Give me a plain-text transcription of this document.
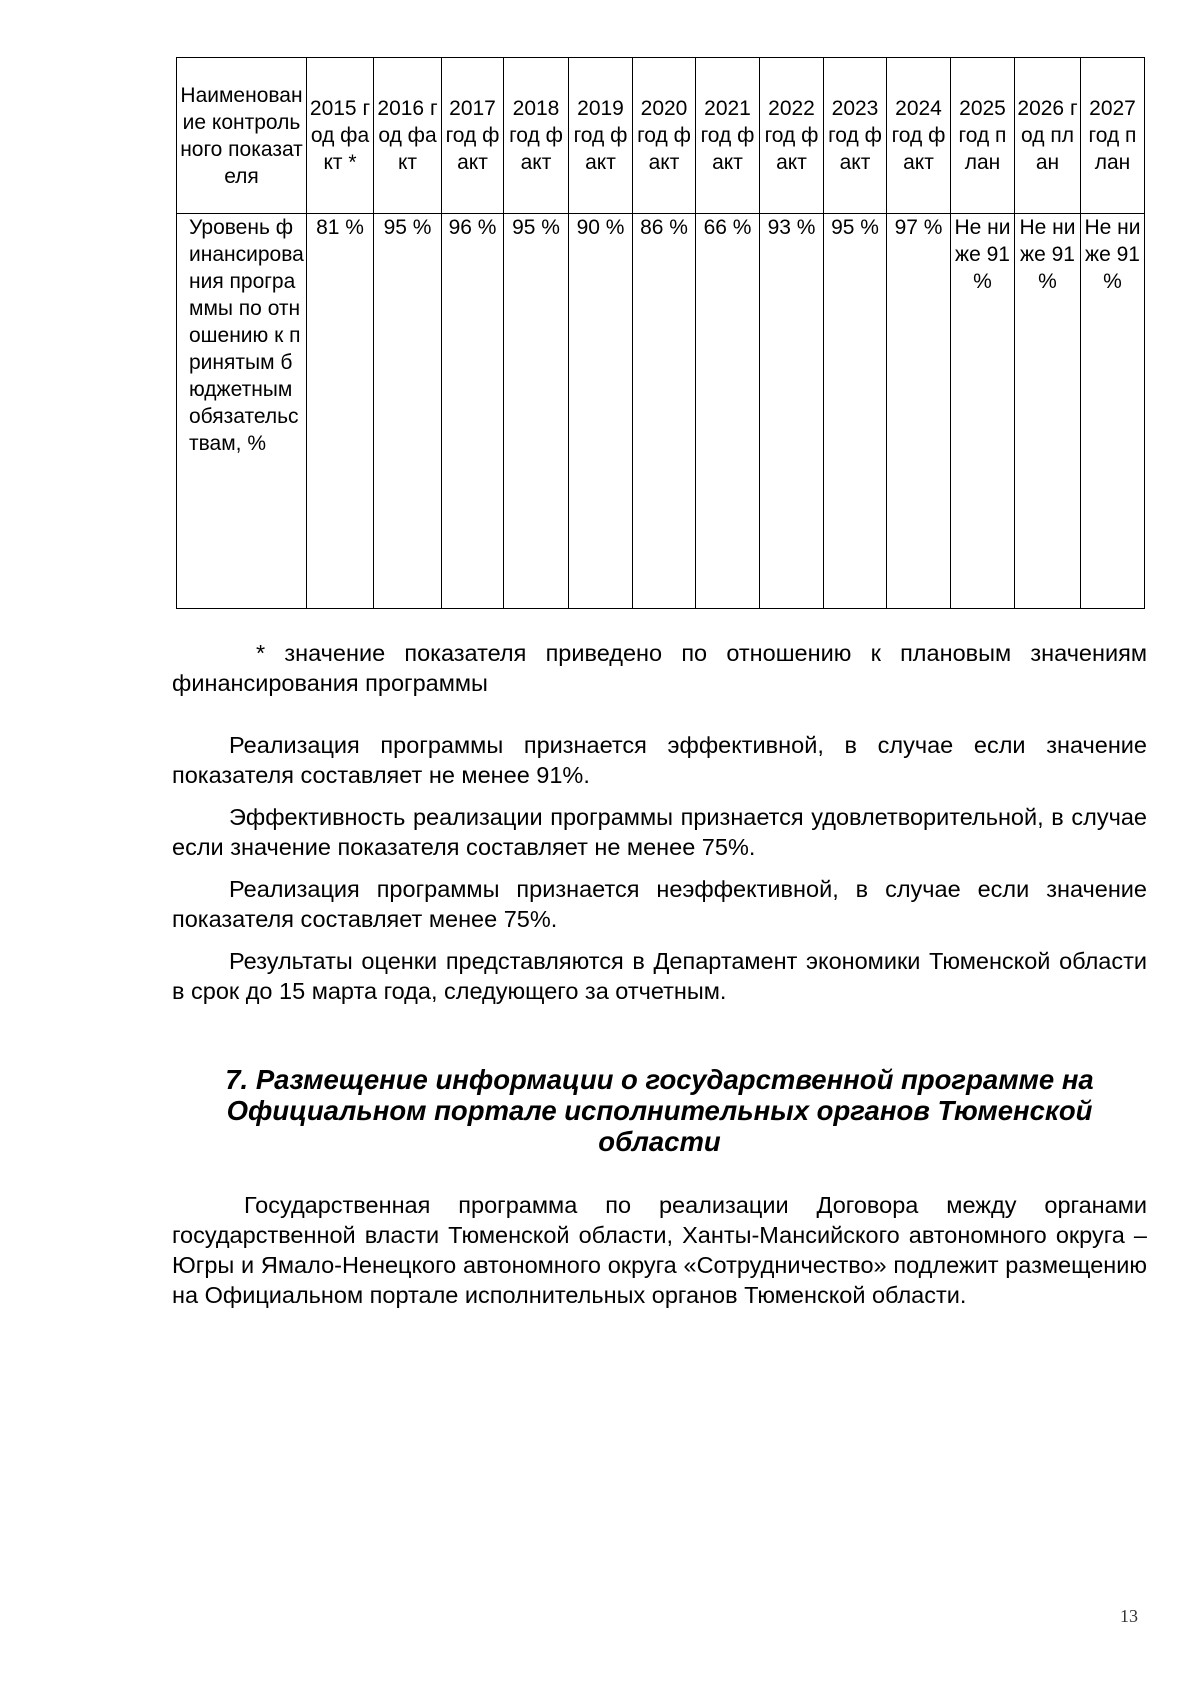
Наименование контрольного показателя	2015 год факт *	2016 год факт	2017 год факт	2018 год факт	2019 год факт	2020 год факт	2021 год факт	2022 год факт	2023 год факт	2024 год факт	2025 год план	2026 год план	2027 год план
Уровень финансирования программы по отношению к принятым бюджетным обязательствам, %	81 %	95 %	96 %	95 %	90 %	86 %	66 %	93 %	95 %	97 %	Не ниже 91 %	Не ниже 91 %	Не ниже 91 %
* значение показателя приведено по отношению к плановым значениям финансирования программы
Реализация программы признается эффективной, в случае если значение показателя составляет не менее 91%.
Эффективность реализации программы признается удовлетворительной, в случае если значение показателя составляет не менее 75%.
Реализация программы признается неэффективной, в случае если значение показателя составляет менее 75%.
Результаты оценки представляются в Департамент экономики Тюменской области в срок до 15 марта года, следующего за отчетным.
7. Размещение информации о государственной программе на Официальном портале исполнительных органов Тюменской области
Государственная программа по реализации Договора между органами государственной власти Тюменской области, Ханты-Мансийского автономного округа – Югры и Ямало-Ненецкого автономного округа «Сотрудничество» подлежит размещению на Официальном портале исполнительных органов Тюменской области.
13
